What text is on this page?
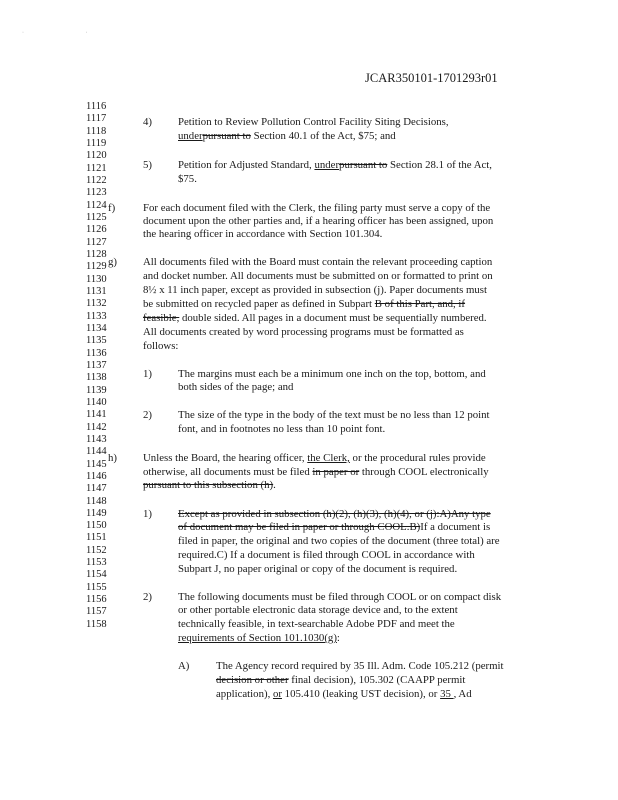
· ·
JCAR350101-1701293r01
1116
1117
1118
1119
1120
1121
1122
1123
1124
1125
1126
1127
1128
1129
1130
1131
1132
1133
1134
1135
1136
1137
1138
1139
1140
1141
1142
1143
1144
1145
1146
1147
1148
1149
1150
1151
1152
1153
1154
1155
1156
1157
1158
4) Petition to Review Pollution Control Facility Siting Decisions,
underpursuant to Section 40.1 of the Act, $75; and
5) Petition for Adjusted Standard, underpursuant to Section 28.1 of the Act,
$75.
f)	For each document filed with the Clerk, the filing party must serve a copy of the
document upon the other parties and, if a hearing officer has been assigned, upon
the hearing officer in accordance with Section 101.304.
g) All documents filed with the Board must contain the relevant proceeding caption
and docket number. All documents must be submitted on or formatted to print on
8½ x 11 inch paper, except as provided in subsection (j). Paper documents must
be submitted on recycled paper as defined in Subpart B of this Part, and, if
feasible, double sided. All pages in a document must be sequentially numbered.
All documents created by word processing programs must be formatted as
follows:
1) The margins must each be a minimum one inch on the top, bottom, and
both sides of the page; and
2) The size of the type in the body of the text must be no less than 12 point
font, and in footnotes no less than 10 point font.
h) Unless the Board, the hearing officer, the Clerk, or the procedural rules provide
otherwise, all documents must be filed in paper or through COOL electronically
pursuant to this subsection (h).
1) Except as provided in subsection (h)(2), (h)(3), (h)(4), or (j):A)Any type
of document may be filed in paper or through COOL.B)If a document is
filed in paper, the original and two copies of the document (three total) are
required.C) If a document is filed through COOL in accordance with
Subpart J, no paper original or copy of the document is required.
2) The following documents must be filed through COOL or on compact disk
or other portable electronic data storage device and, to the extent
technically feasible, in text-searchable Adobe PDF and meet the
requirements of Section 101.1030(g):
A) The Agency record required by 35 Ill. Adm. Code 105.212 (permit
decision or other final decision), 105.302 (CAAPP permit
application), or 105.410 (leaking UST decision), or 35 , Ad
